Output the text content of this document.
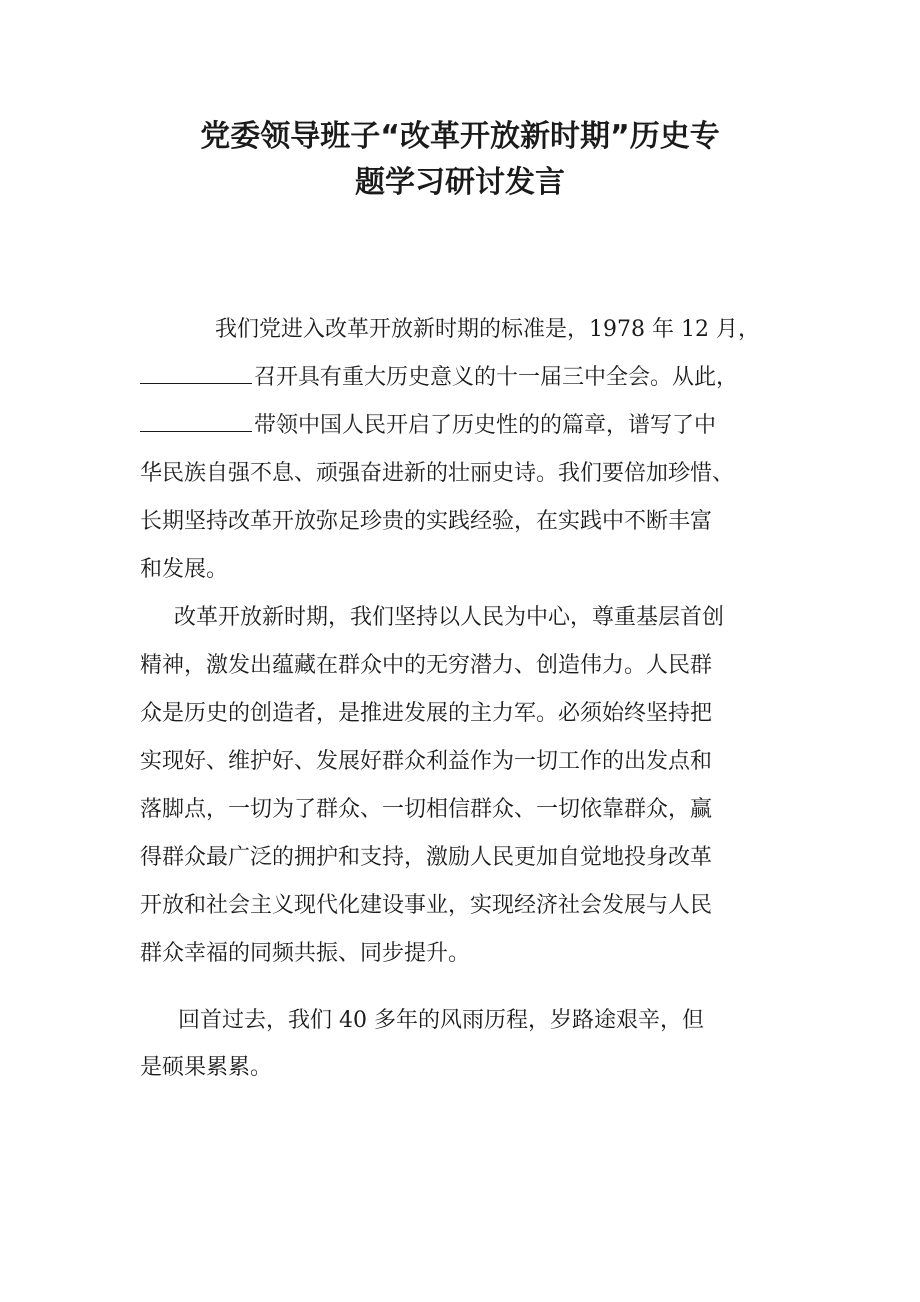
党委领导班子“改革开放新时期”历史专
题学习研讨发言
我们党进入改革开放新时期的标准是，1978 年 12 月，
召开具有重大历史意义的十一届三中全会。从此，
带领中国人民开启了历史性的的篇章，谱写了中
华民族自强不息、顽强奋进新的壮丽史诗。我们要倍加珍惜、
长期坚持改革开放弥足珍贵的实践经验，在实践中不断丰富
和发展。
改革开放新时期，我们坚持以人民为中心，尊重基层首创
精神，激发出蕴藏在群众中的无穷潜力、创造伟力。人民群
众是历史的创造者，是推进发展的主力军。必须始终坚持把
实现好、维护好、发展好群众利益作为一切工作的出发点和
落脚点，一切为了群众、一切相信群众、一切依靠群众，赢
得群众最广泛的拥护和支持，激励人民更加自觉地投身改革
开放和社会主义现代化建设事业，实现经济社会发展与人民
群众幸福的同频共振、同步提升。
回首过去，我们 40 多年的风雨历程，岁路途艰辛，但
是硕果累累。
